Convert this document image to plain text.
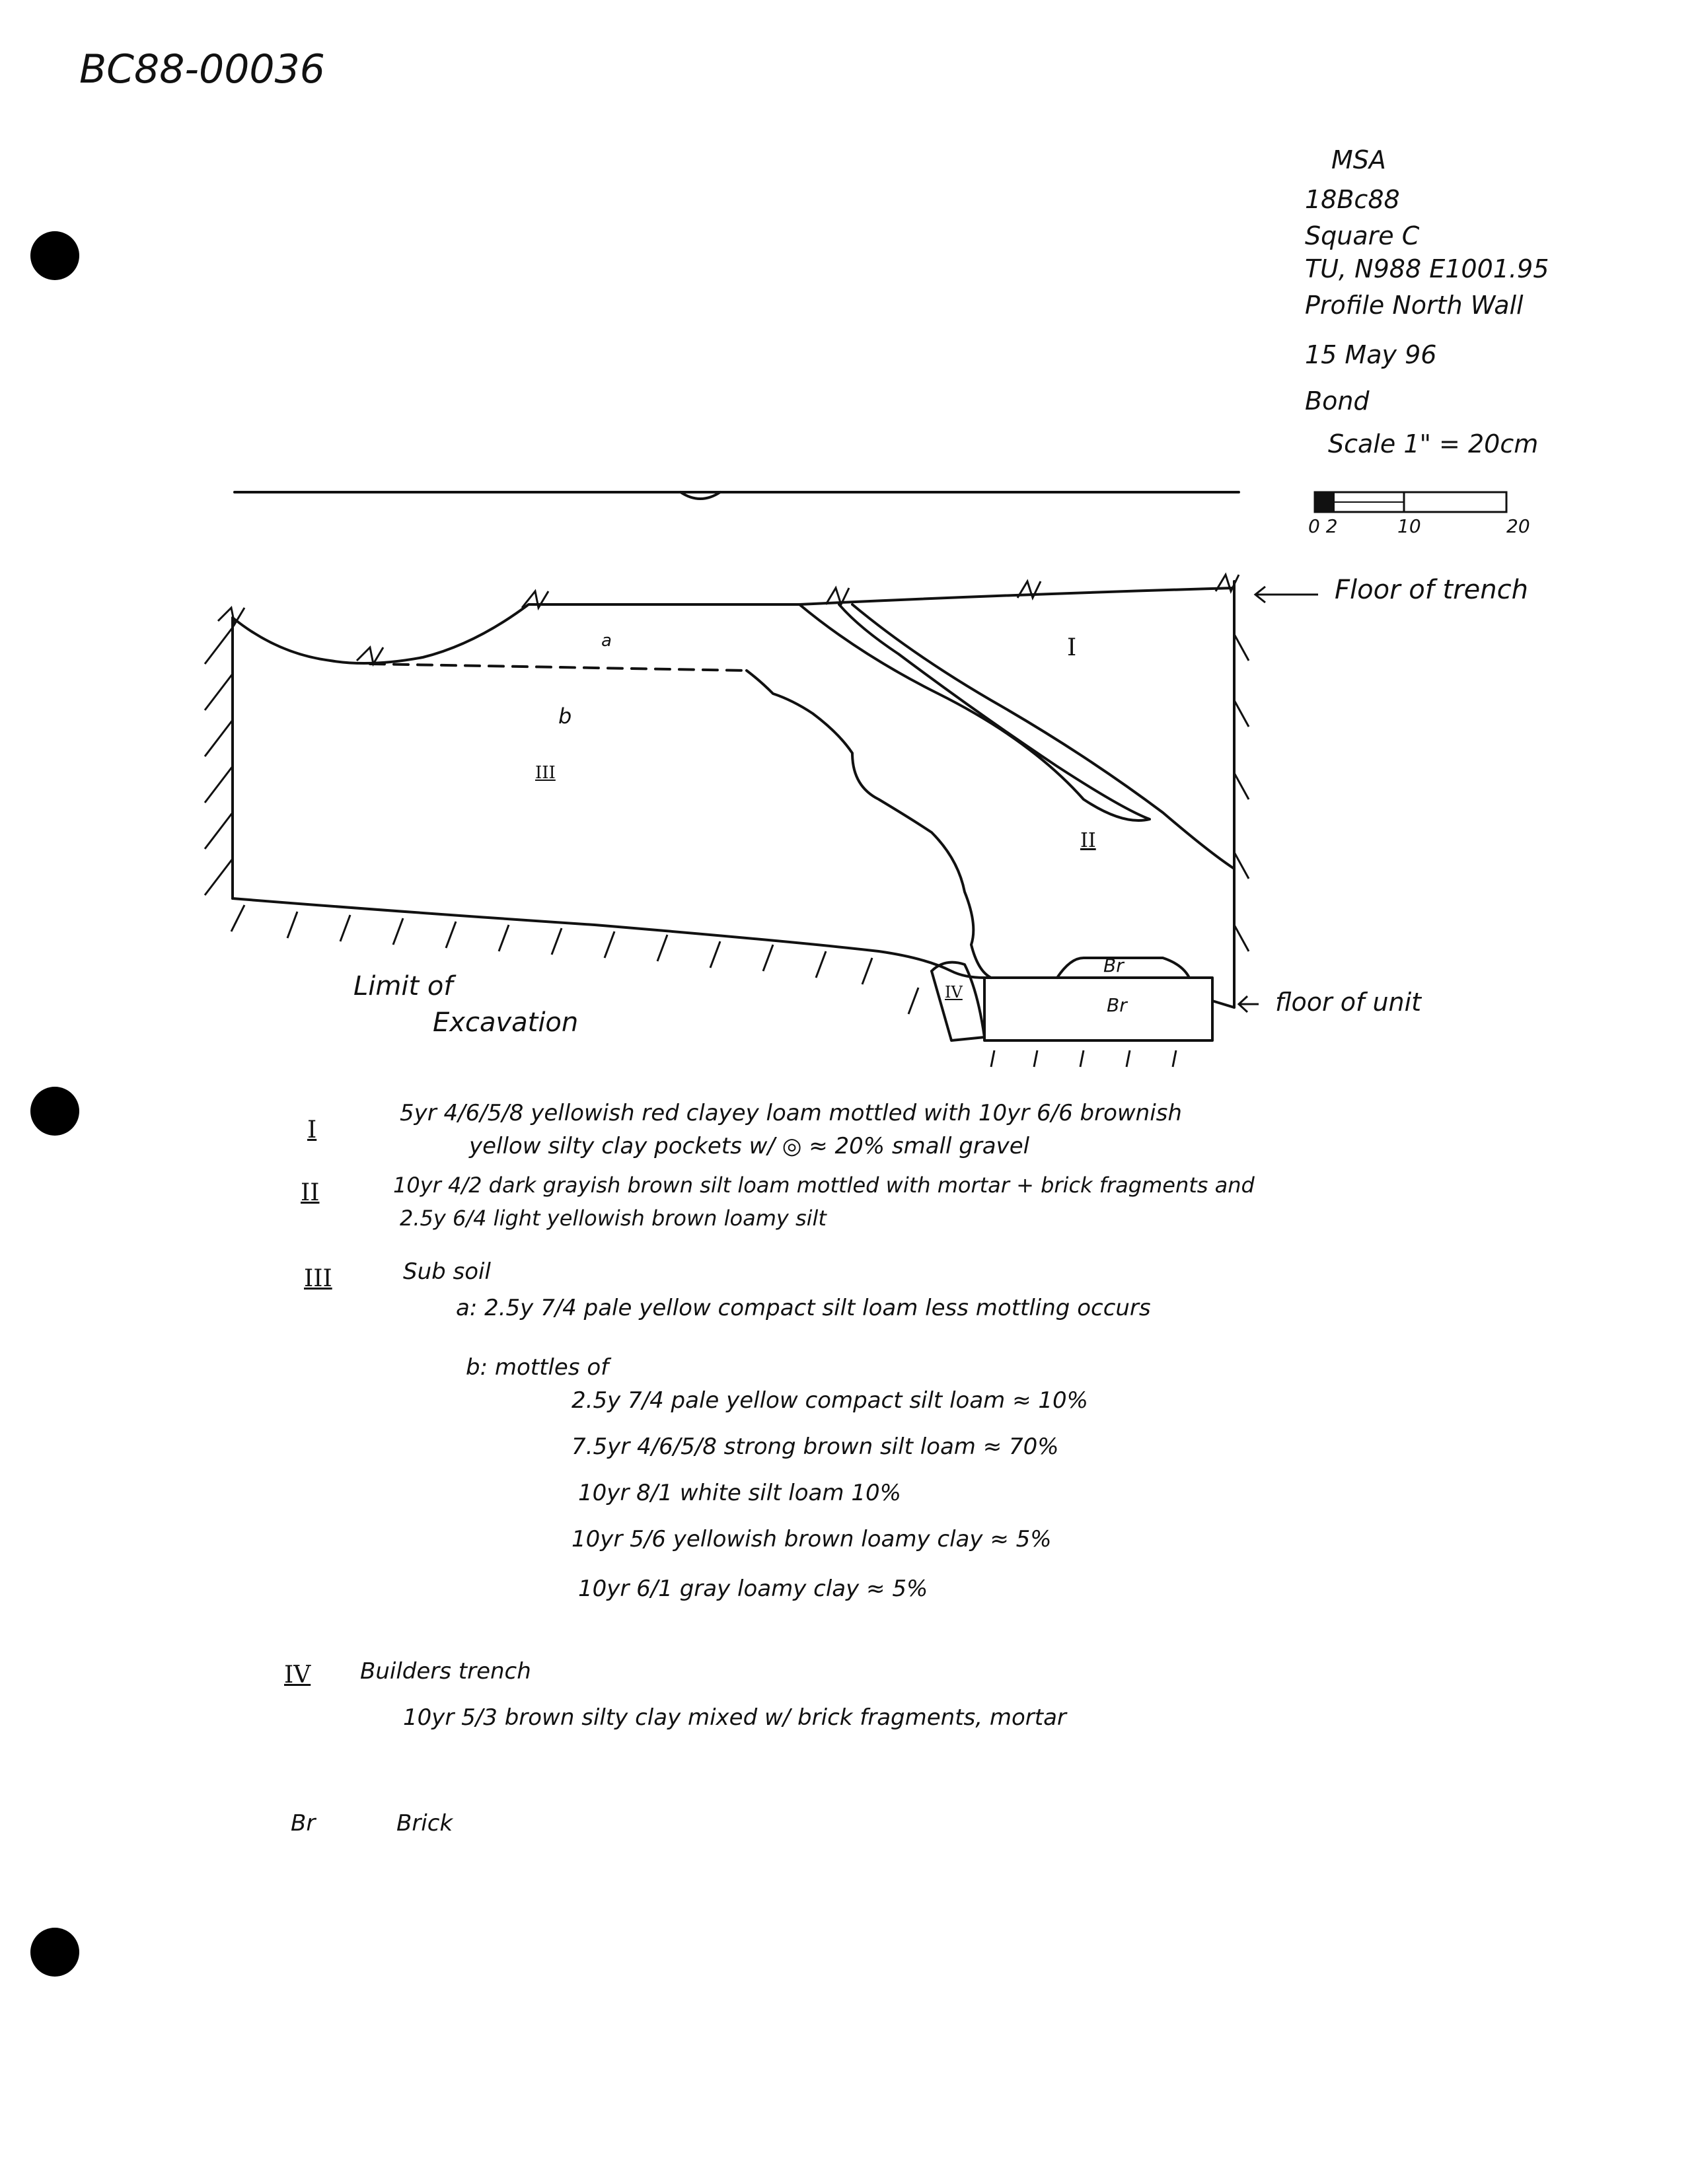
BC88-00036
MSA
18Bc88
Square C
TU, N988 E1001.95
Profile North Wall
15 May 96
Bond
Scale 1" = 20cm
0 2	10	20
Floor of trench
floor of unit
Limit of
Excavation
a
b
I
II
III
IV
Br
Br
I
5yr 4/6/5/8 yellowish red clayey loam mottled with 10yr 6/6 brownish
yellow silty clay pockets w/ ◎ ≈ 20% small gravel
II	10yr 4/2 dark grayish brown silt loam mottled with mortar + brick fragments and
2.5y 6/4 light yellowish brown loamy silt
III	Sub soil
a: 2.5y 7/4 pale yellow compact silt loam less mottling occurs
b: mottles of
2.5y 7/4 pale yellow compact silt loam ≈ 10%
7.5yr 4/6/5/8 strong brown silt loam ≈ 70%
10yr 8/1 white silt loam 10%
10yr 5/6 yellowish brown loamy clay ≈ 5%
10yr 6/1 gray loamy clay ≈ 5%
IV Builders trench
10yr 5/3 brown silty clay mixed w/ brick fragments, mortar
Br	Brick
